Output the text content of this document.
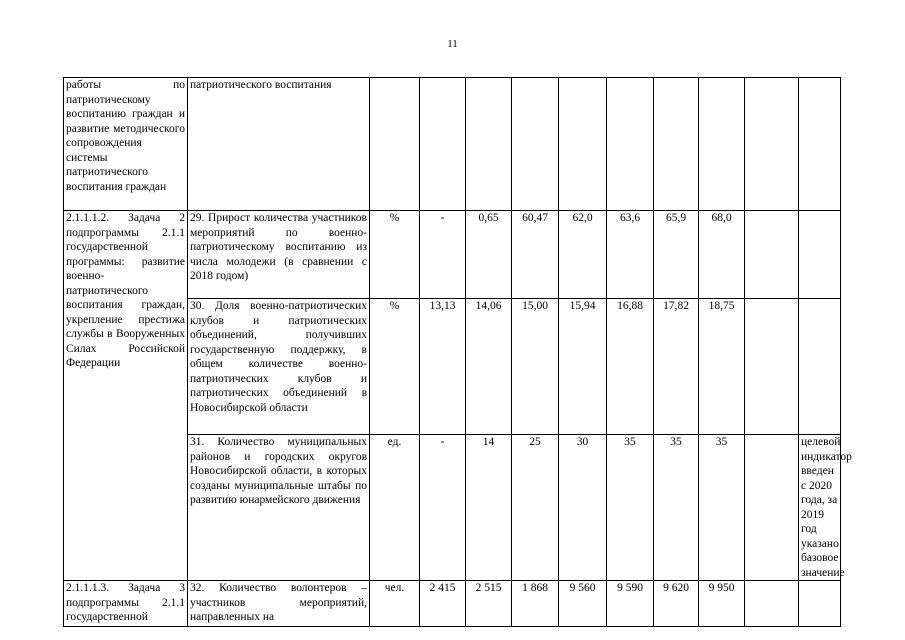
11
работы по патриотическому воспитанию граждан и развитие методического сопровождения системы патриотического воспитания граждан	патриотического воспитания										
2.1.1.1.2. Задача 2 подпрограммы 2.1.1 государственной программы: развитие военно-патриотического воспитания граждан, укрепление престижа службы в Вооруженных Силах Российской Федерации	29. Прирост количества участников мероприятий по военно-патриотическому воспитанию из числа молодежи (в сравнении с 2018 годом)	%	-	0,65	60,47	62,0	63,6	65,9	68,0		
	30. Доля военно-патриотических клубов и патриотических объединений, получивших государственную поддержку, в общем количестве военно-патриотических клубов и патриотических объединений в Новосибирской области	%	13,13	14,06	15,00	15,94	16,88	17,82	18,75		
	31. Количество муниципальных районов и городских округов Новосибирской области, в которых созданы муниципальные штабы по развитию юнармейского движения	ед.	-	14	25	30	35	35	35		целевой индикатор введен с 2020 года, за 2019 год указано базовое значение
2.1.1.1.3. Задача 3 подпрограммы 2.1.1 государственной	32. Количество волонтеров – участников мероприятий, направленных на	чел.	2 415	2 515	1 868	9 560	9 590	9 620	9 950		
